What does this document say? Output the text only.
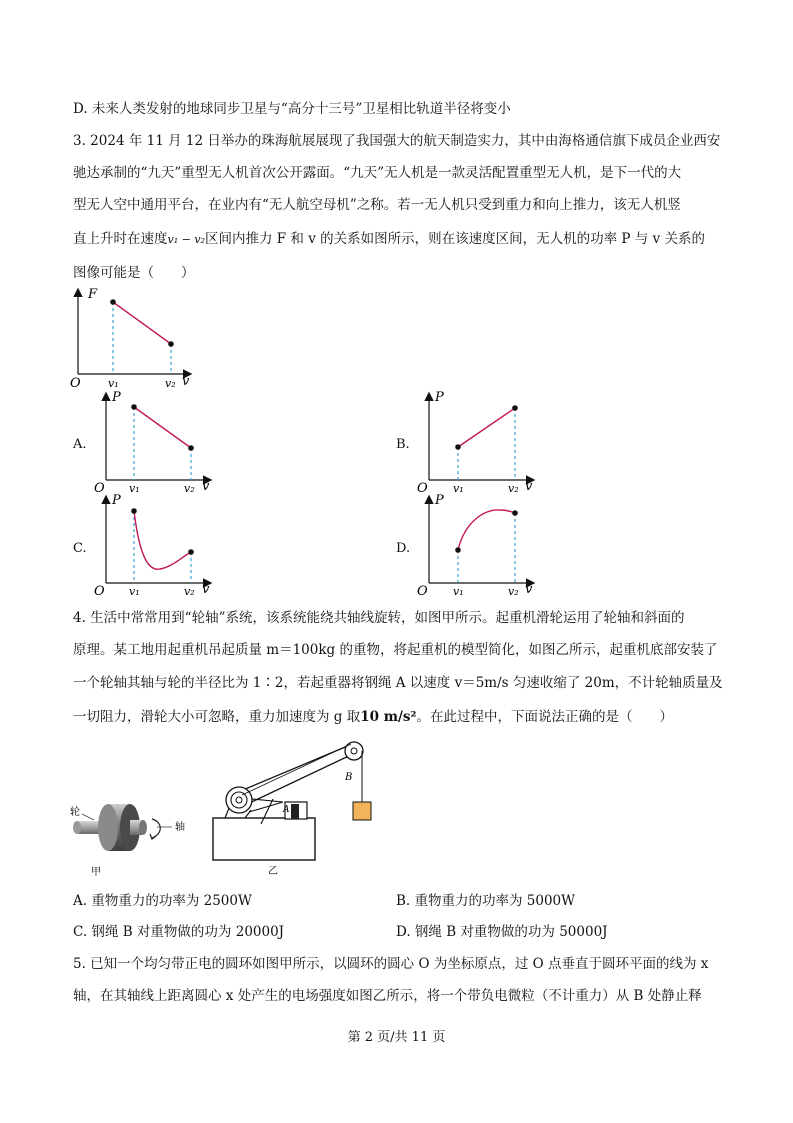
D. 未来人类发射的地球同步卫星与“高分十三号”卫星相比轨道半径将变小
3. 2024 年 11 月 12 日举办的珠海航展展现了我国强大的航天制造实力，其中由海格通信旗下成员企业西安
驰达承制的“九天”重型无人机首次公开露面。“九天”无人机是一款灵活配置重型无人机，是下一代的大
型无人空中通用平台，在业内有“无人航空母机”之称。若一无人机只受到重力和向上推力，该无人机竖
直上升时在速度v₁ − v₂区间内推力 F 和 v 的关系如图所示，则在该速度区间，无人机的功率 P 与 v 关系的
图像可能是（　　）
F
O v₁	v₂ v
A.
P
O v₁	v₂ v
B.
P
O v₁	v₂ v
C.
P
O v₁	v₂ v
D.
P
O v₁	v₂ v
4. 生活中常常用到“轮轴”系统，该系统能绕共轴线旋转，如图甲所示。起重机滑轮运用了轮轴和斜面的
原理。某工地用起重机吊起质量 m＝100kg 的重物，将起重机的模型简化，如图乙所示，起重机底部安装了
一个轮轴其轴与轮的半径比为 1∶2，若起重器将钢绳 A 以速度 v＝5m/s 匀速收缩了 20m，不计轮轴质量及
一切阻力，滑轮大小可忽略，重力加速度为 g 取10 m/s²。在此过程中，下面说法正确的是（　　）
轮
轴
甲
B
A
乙
A. 重物重力的功率为 2500W	B. 重物重力的功率为 5000W
C. 钢绳 B 对重物做的功为 20000J	D. 钢绳 B 对重物做的功为 50000J
5. 已知一个均匀带正电的圆环如图甲所示，以圆环的圆心 O 为坐标原点，过 O 点垂直于圆环平面的线为 x
轴，在其轴线上距离圆心 x 处产生的电场强度如图乙所示，将一个带负电微粒（不计重力）从 B 处静止释
第 2 页/共 11 页
